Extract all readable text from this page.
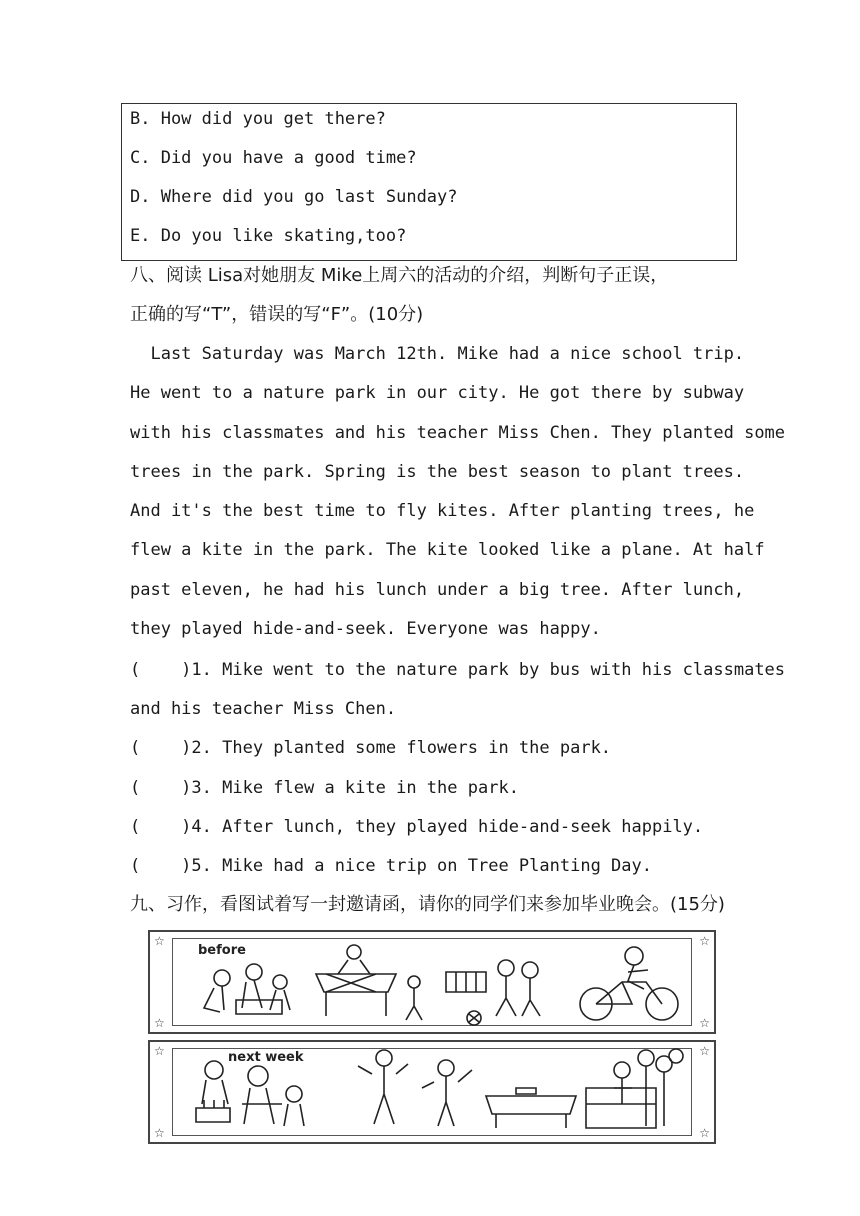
B. How did you get there?
C. Did you have a good time?
D. Where did you go last Sunday?
E. Do you like skating,too?
八、阅读 Lisa对她朋友 Mike上周六的活动的介绍，判断句子正误，
正确的写“T”，错误的写“F”。(10分)
Last Saturday was March 12th. Mike had a nice school trip.
He went to a nature park in our city. He got there by subway
with his classmates and his teacher Miss Chen. They planted some
trees in the park. Spring is the best season to plant trees.
And it's the best time to fly kites. After planting trees, he
flew a kite in the park. The kite looked like a plane. At half
past eleven, he had his lunch under a big tree. After lunch,
they played hide-and-seek. Everyone was happy.
(    )1. Mike went to the nature park by bus with his classmates
and his teacher Miss Chen.
(    )2. They planted some flowers in the park.
(    )3. Mike flew a kite in the park.
(    )4. After lunch, they played hide-and-seek happily.
(    )5. Mike had a nice trip on Tree Planting Day.
九、习作，看图试着写一封邀请函，请你的同学们来参加毕业晚会。(15分)
☆	☆
☆	☆
before
☆	☆
☆	☆
next week
